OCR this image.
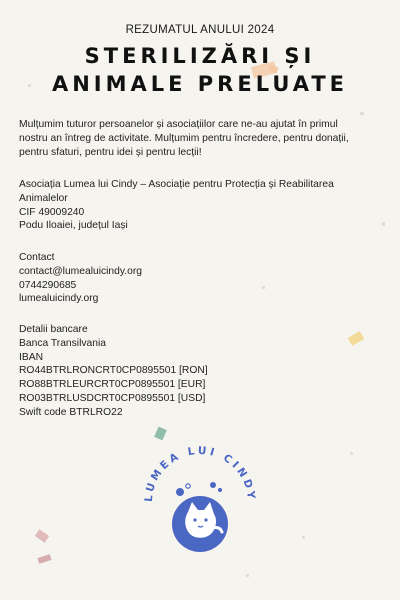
REZUMATUL ANULUI 2024
STERILIZĂRI ȘI
ANIMALE PRELUATE
Mulțumim tuturor persoanelor și asociațiilor care ne-au ajutat în primul
nostru an întreg de activitate. Mulțumim pentru încredere, pentru donații,
pentru sfaturi, pentru idei și pentru lecții!
Asociația Lumea lui Cindy – Asociație pentru Protecția și Reabilitarea
Animalelor
CIF 49009240
Podu Iloaiei, județul Iași
Contact
contact@lumealuicindy.org
0744290685
lumealuicindy.org
Detalii bancare
Banca Transilvania
IBAN
RO44BTRLRONCRT0CP0895501 [RON]
RO88BTRLEURCRT0CP0895501 [EUR]
RO03BTRLUSDCRT0CP0895501 [USD]
Swift code BTRLRO22
LUMEA LUI CINDY
